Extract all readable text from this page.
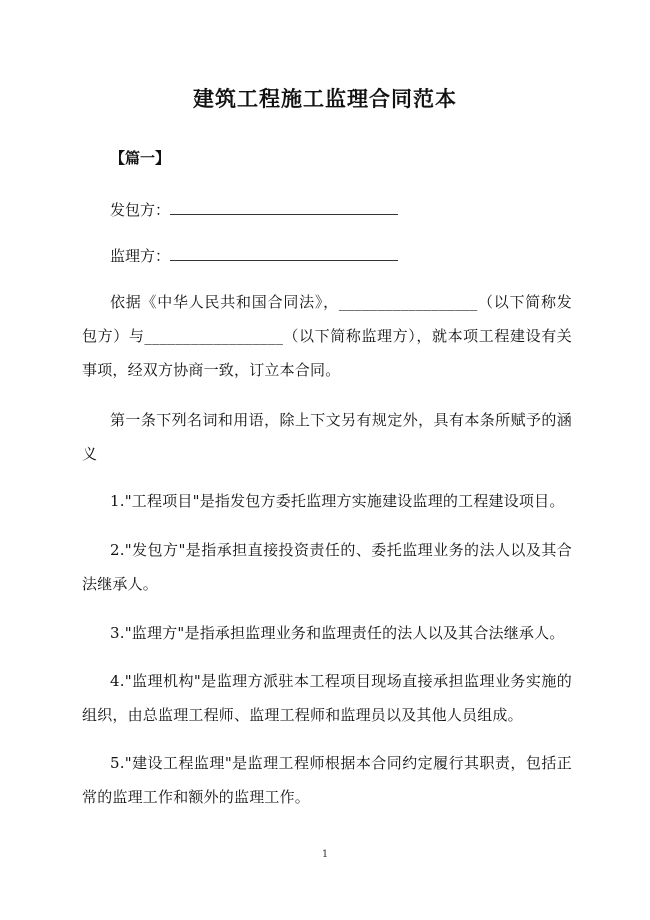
建筑工程施工监理合同范本
【篇一】
发包方：
监理方：
依据《中华人民共和国合同法》，__________________（以下简称发包方）与__________________（以下简称监理方），就本项工程建设有关事项，经双方协商一致，订立本合同。
第一条下列名词和用语，除上下文另有规定外，具有本条所赋予的涵义
1."工程项目"是指发包方委托监理方实施建设监理的工程建设项目。
2."发包方"是指承担直接投资责任的、委托监理业务的法人以及其合法继承人。
3."监理方"是指承担监理业务和监理责任的法人以及其合法继承人。
4."监理机构"是监理方派驻本工程项目现场直接承担监理业务实施的组织，由总监理工程师、监理工程师和监理员以及其他人员组成。
5."建设工程监理"是监理工程师根据本合同约定履行其职责，包括正常的监理工作和额外的监理工作。
1
